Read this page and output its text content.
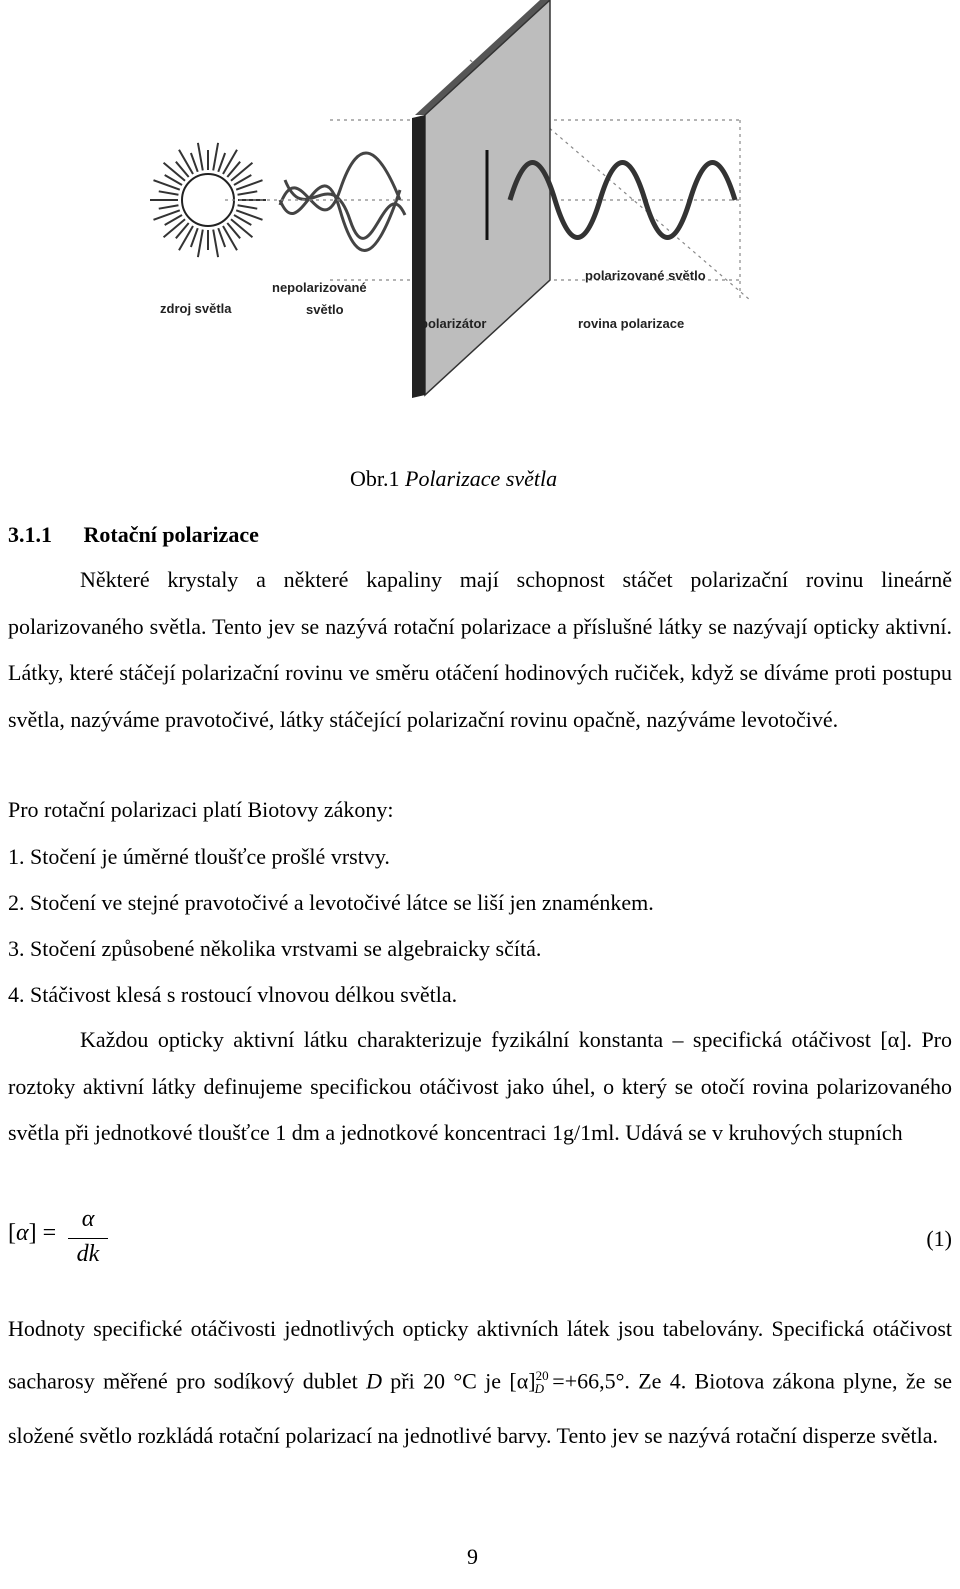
zdroj světla
nepolarizované
světlo
polarizátor
polarizované světlo
rovina polarizace
Obr.1 Polarizace světla
3.1.1 Rotační polarizace

Některé krystaly a některé kapaliny mají schopnost stáčet polarizační rovinu lineárně polarizovaného světla. Tento jev se nazývá rotační polarizace a příslušné látky se nazývají opticky aktivní. Látky, které stáčejí polarizační rovinu ve směru otáčení hodinových ručiček, když se díváme proti postupu světla, nazýváme pravotočivé, látky stáčející polarizační rovinu opačně, nazýváme levotočivé.

Pro rotační polarizaci platí Biotovy zákony:
1. Stočení je úměrné tloušťce prošlé vrstvy.
2. Stočení ve stejné pravotočivé a levotočivé látce se liší jen znaménkem.
3. Stočení způsobené několika vrstvami se algebraicky sčítá.
4. Stáčivost klesá s rostoucí vlnovou délkou světla.

Každou opticky aktivní látku charakterizuje fyzikální konstanta – specifická otáčivost [α]. Pro roztoky aktivní látky definujeme specifickou otáčivost jako úhel, o který se otočí rovina polarizovaného světla při jednotkové tloušťce 1 dm a jednotkové koncentraci 1g/1ml. Udává se v kruhových stupních

[α] =
α
dk
(1)

Hodnoty specifické otáčivosti jednotlivých opticky aktivních látek jsou tabelovány. Specifická otáčivost sacharosy měřené pro sodíkový dublet D při 20 °C je $[\alpha]^{20}_D =+66,5^\circ$. Ze 4. Biotova zákona plyne, že se složené světlo rozkládá rotační polarizací na jednotlivé barvy. Tento jev se nazývá rotační disperze světla.

9
